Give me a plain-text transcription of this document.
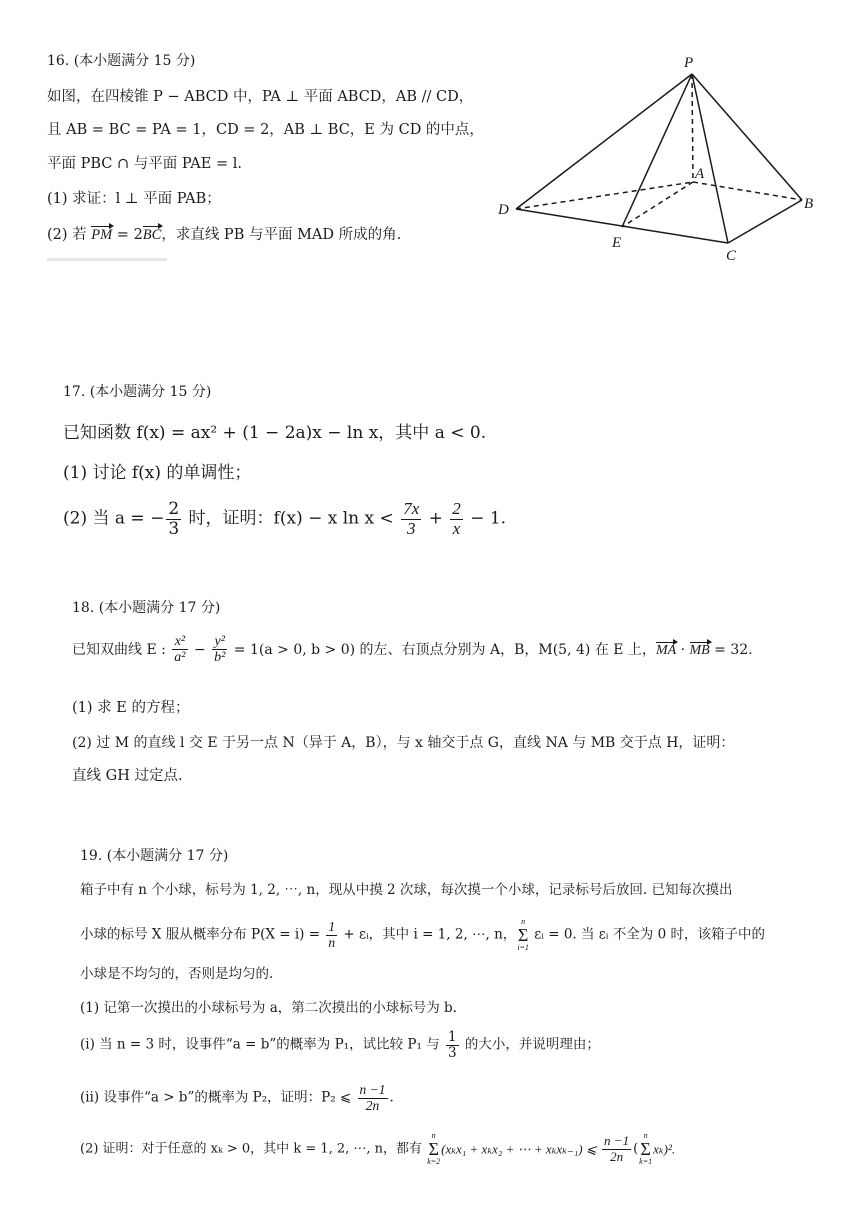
16. (本小题满分 15 分)
如图，在四棱锥 P − ABCD 中，PA ⊥ 平面 ABCD，AB // CD，
且 AB = BC = PA = 1，CD = 2，AB ⊥ BC，E 为 CD 的中点，
平面 PBC ∩ 与平面 PAE = l.
(1) 求证：l ⊥ 平面 PAB；
(2) 若 PM = 2BC，求直线 PB 与平面 MAD 所成的角.
P
A
B
C
D
E
17. (本小题满分 15 分)
已知函数 f(x) = ax² + (1 − 2a)x − ln x，其中 a < 0.
(1) 讨论 f(x) 的单调性；
(2) 当 a = − $\frac{2}{3}$ 时，证明：f(x) − x $\ln x < \frac{7x}{3} + \frac{2}{x} - 1$.
18. (本小题满分 17 分)
已知双曲线 E : $\frac{\text{x²}}{\text{a²}} - \frac{\text{y²}}{\text{b²}} = 1(a > 0$, b > 0) 的左、右顶点分别为 A，B，M(5, 4) 在 E 上，MA · MB = 32.
(1) 求 E 的方程；
(2) 过 M 的直线 l 交 E 于另一点 N（异于 A，B），与 x 轴交于点 G，直线 NA 与 MB 交于点 H，证明：
直线 GH 过定点.
19. (本小题满分 17 分)
箱子中有 n 个小球，标号为 1, 2, ⋯, n，现从中摸 2 次球，每次摸一个小球，记录标号后放回. 已知每次摸出
小球的标号 X 服从概率分布 $P(X = i) = \frac{1}{n}$ + εᵢ，其中 i = 1, 2, ⋯, n，
n
Σ
i=1
εᵢ = 0. 当 εᵢ 不全为 0 时，该箱子中的
小球是不均匀的，否则是均匀的.
(1) 记第一次摸出的小球标号为 a，第二次摸出的小球标号为 b.
(ⅰ) 当 n = 3 时，设事件“a = b”的概率为 P₁，试比较 P₁ 与 $\frac{1}{3}$ 的大小，并说明理由；
(ⅱ) 设事件“a > b”的概率为 P₂，证明：P₂ ⩽ $\frac{n -1}{2n}$ .
(2) 证明：对于任意的 xₖ > 0，其中 k = 1, 2, ⋯, n，都有
n
Σ
k=2
(xₖx₁ + xₖx₂ + ⋯ + xₖxₖ₋₁) ⩽ $\frac{n -1}{2n}$ (
n
Σ
k=1
xₖ)².
